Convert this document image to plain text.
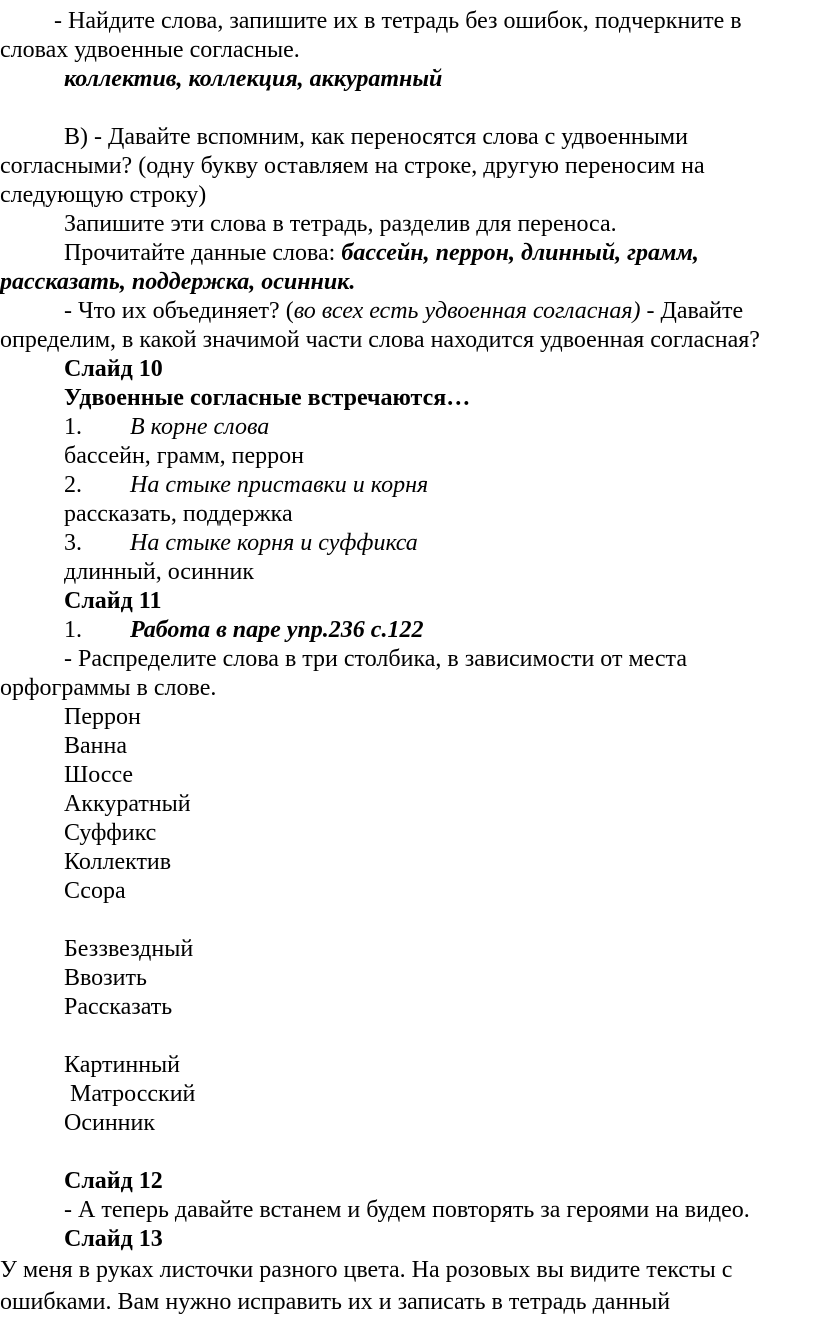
- Найдите слова, запишите их в тетрадь без ошибок, подчеркните в
словах удвоенные согласные.
коллектив, коллекция, аккуратный
В) - Давайте вспомним, как переносятся слова с удвоенными
согласными? (одну букву оставляем на строке, другую переносим на
следующую строку)
Запишите эти слова в тетрадь, разделив для переноса.
Прочитайте данные слова: бассейн, перрон, длинный, грамм,
рассказать, поддержка, осинник.
- Что их объединяет? (во всех есть удвоенная согласная) - Давайте
определим, в какой значимой части слова находится удвоенная согласная?
Слайд 10
Удвоенные согласные встречаются…
1. В корне слова
бассейн, грамм, перрон
2. На стыке приставки и корня
рассказать, поддержка
3. На стыке корня и суффикса
длинный, осинник
Слайд 11
1. Работа в паре упр.236 с.122
- Распределите слова в три столбика, в зависимости от места
орфограммы в слове.
Перрон
Ванна
Шоссе
Аккуратный
Суффикс
Коллектив
Ссора
Беззвездный
Ввозить
Рассказать
Картинный
Матросский
Осинник
Слайд 12
- А теперь давайте встанем и будем повторять за героями на видео.
Слайд 13
У меня в руках листочки разного цвета. На розовых вы видите тексты с
ошибками. Вам нужно исправить их и записать в тетрадь данный
